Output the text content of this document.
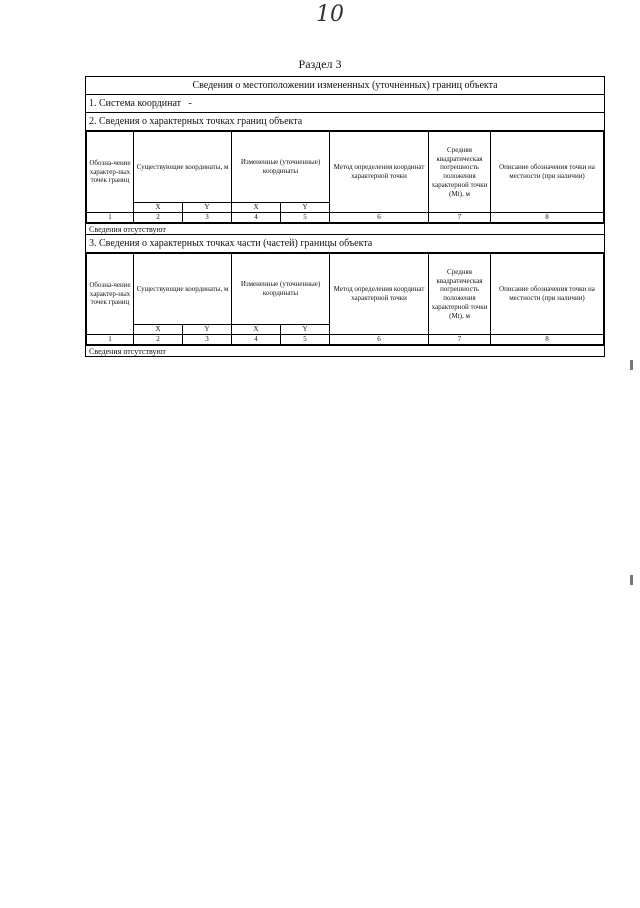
10
Раздел 3
Сведения о местоположении измененных (уточненных) границ объекта
1. Система координат -
2. Сведения о характерных точках границ объекта

Обозна-чение характер-ных точек границ	Существующие координаты, м	Измененные (уточненные) координаты	Метод определения координат характерной точки	Средняя квадратическая погрешность положения характерной точки (Mt), м	Описание обозначения точки на местности (при наличии)
X	Y	X	Y
1	2	3	4	5	6	7	8

Сведения отсутствуют
3. Сведения о характерных точках части (частей) границы объекта

Обозна-чение характер-ных точек границ	Существующие координаты, м	Измененные (уточненные) координаты	Метод определения координат характерной точки	Средняя квадратическая погрешность положения характерной точки (Mt), м	Описание обозначения точки на местности (при наличии)
X	Y	X	Y
1	2	3	4	5	6	7	8

Сведения отсутствуют
